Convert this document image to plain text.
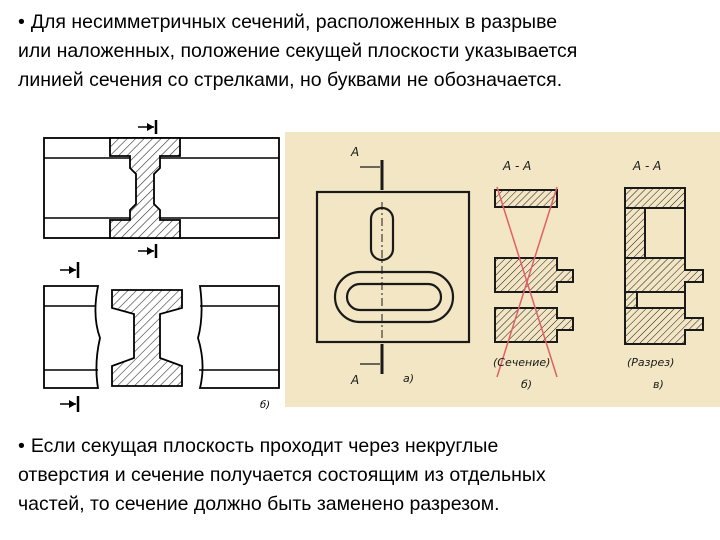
• Для несимметричных сечений, расположенных в разрыве
или наложенных, положение секущей плоскости указывается
линией сечения со стрелками, но буквами не обозначается.
б)
A
A	а)
А - А
(Сечение)
б)
А - А
(Разрез)
в)
• Если секущая плоскость проходит через некруглые
отверстия и сечение получается состоящим из отдельных
частей, то сечение должно быть заменено разрезом.
